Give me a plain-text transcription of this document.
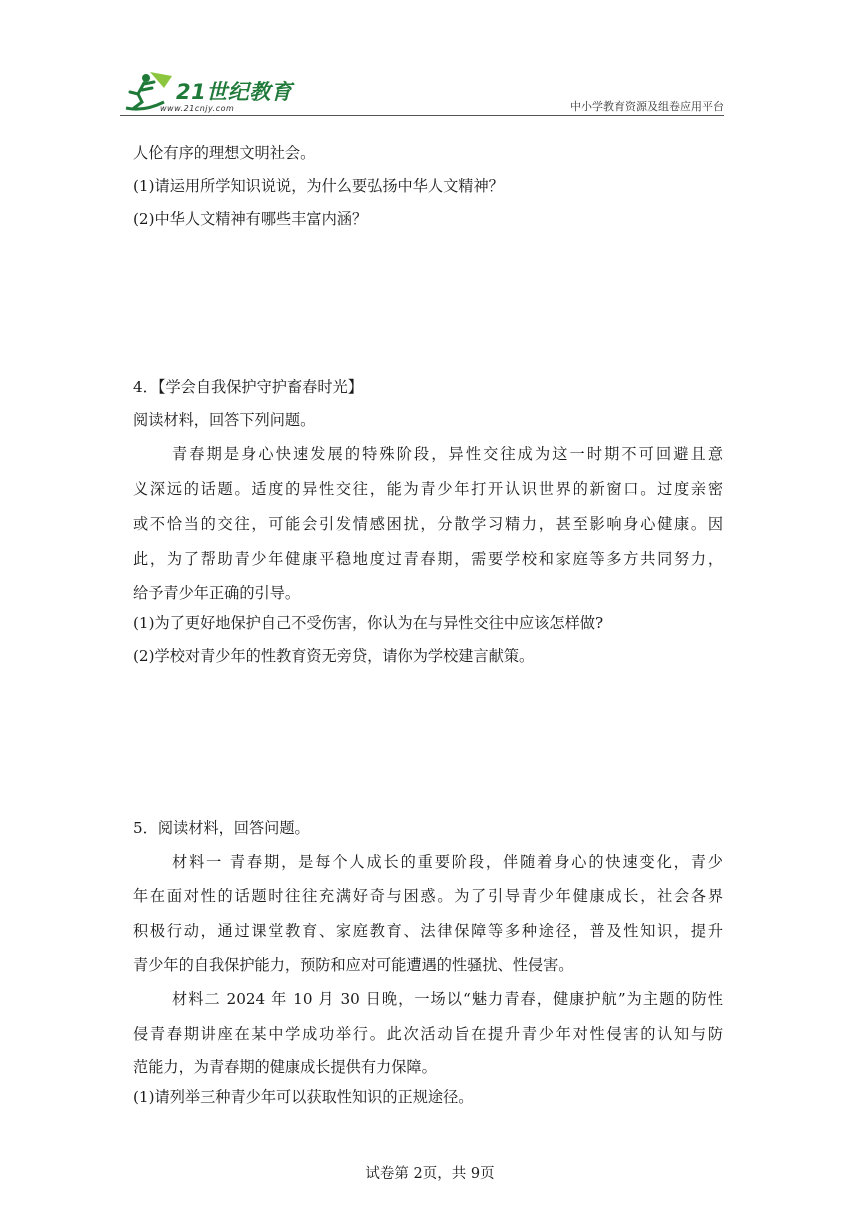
21世纪教育
www.21cnjy.com	中小学教育资源及组卷应用平台
人伦有序的理想文明社会。
(1)请运用所学知识说说，为什么要弘扬中华人文精神？
(2)中华人文精神有哪些丰富内涵？
4．【学会自我保护守护畜春时光】
阅读材料，回答下列问题。
青春期是身心快速发展的特殊阶段，异性交往成为这一时期不可回避且意
义深远的话题。适度的异性交往，能为青少年打开认识世界的新窗口。过度亲密
或不恰当的交往，可能会引发情感困扰，分散学习精力，甚至影响身心健康。因
此，为了帮助青少年健康平稳地度过青春期，需要学校和家庭等多方共同努力，
给予青少年正确的引导。
(1)为了更好地保护自己不受伤害，你认为在与异性交往中应该怎样做?
(2)学校对青少年的性教育资无旁贷，请你为学校建言献策。
5．阅读材料，回答问题。
材料一 青春期，是每个人成长的重要阶段，伴随着身心的快速变化，青少
年在面对性的话题时往往充满好奇与困惑。为了引导青少年健康成长，社会各界
积极行动，通过课堂教育、家庭教育、法律保障等多种途径，普及性知识，提升
青少年的自我保护能力，预防和应对可能遭遇的性骚扰、性侵害。
材料二 2024 年 10 月 30 日晚，一场以“魅力青春，健康护航”为主题的防性
侵青春期讲座在某中学成功举行。此次活动旨在提升青少年对性侵害的认知与防
范能力，为青春期的健康成长提供有力保障。
(1)请列举三种青少年可以获取性知识的正规途径。
试卷第 2页，共 9页
